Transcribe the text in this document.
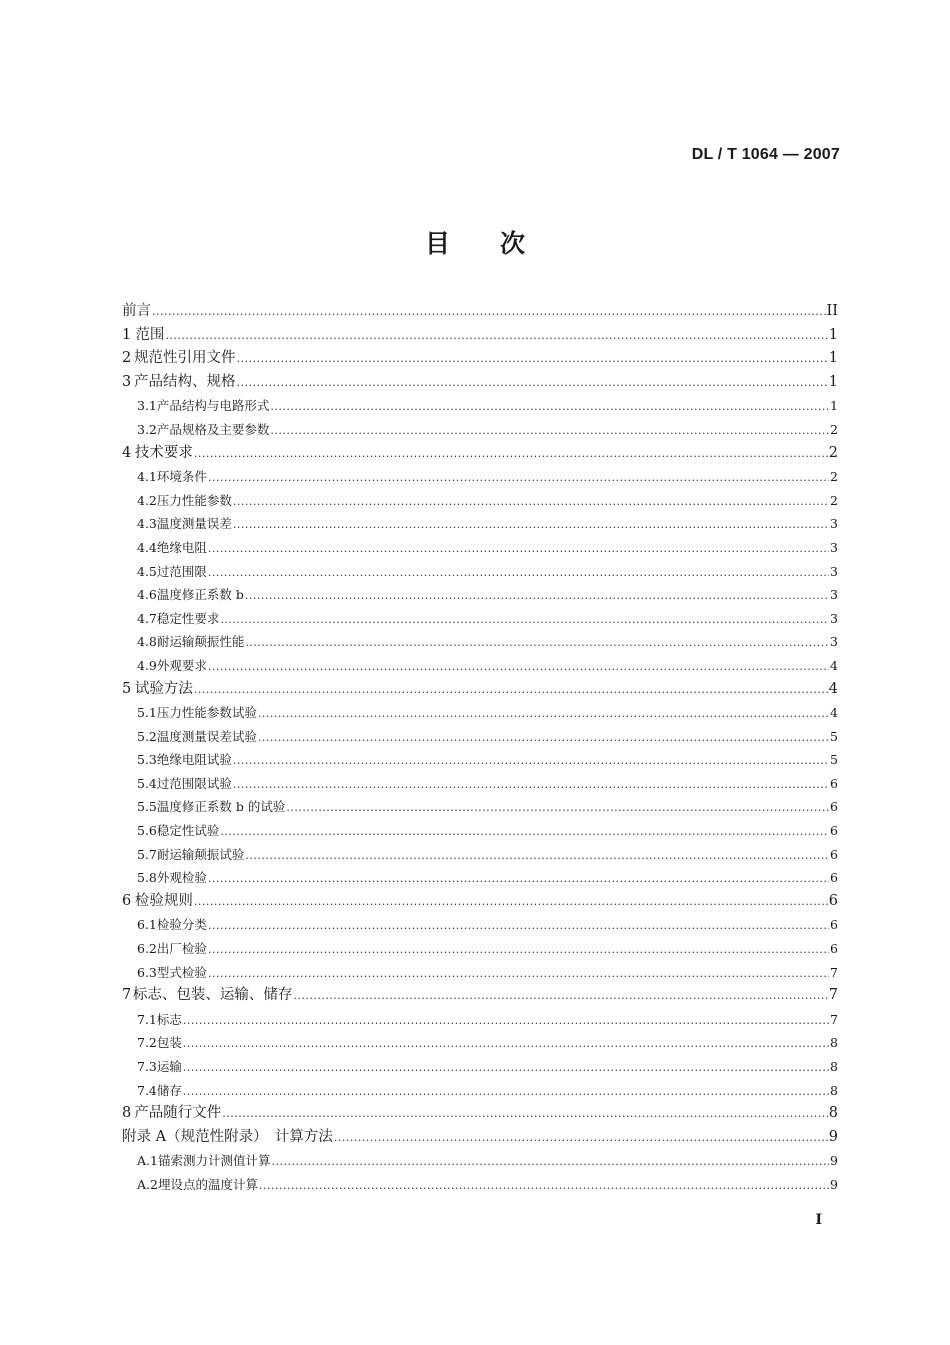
DL / T 1064 — 2007
目 次
前言 .....	II
1 范围 .....	1
2 规范性引用文件 .....	1
3 产品结构、规格 .....	1
3.1 产品结构与电路形式 .....	1
3.2 产品规格及主要参数 .....	2
4 技术要求 .....	2
4.1 环境条件 .....	2
4.2 压力性能参数 .....	2
4.3 温度测量误差 .....	3
4.4 绝缘电阻 .....	3
4.5 过范围限 .....	3
4.6 温度修正系数 b .....	3
4.7 稳定性要求 .....	3
4.8 耐运输颠振性能 .....	3
4.9 外观要求 .....	4
5 试验方法 .....	4
5.1 压力性能参数试验 .....	4
5.2 温度测量误差试验 .....	5
5.3 绝缘电阻试验 .....	5
5.4 过范围限试验 .....	6
5.5 温度修正系数 b 的试验 .....	6
5.6 稳定性试验 .....	6
5.7 耐运输颠振试验 .....	6
5.8 外观检验 .....	6
6 检验规则 .....	6
6.1 检验分类 .....	6
6.2 出厂检验 .....	6
6.3 型式检验 .....	7
7 标志、包装、运输、储存 .....	7
7.1 标志 .....	7
7.2 包装 .....	8
7.3 运输 .....	8
7.4 储存 .....	8
8 产品随行文件 .....	8
附录 A（规范性附录）　计算方法 .....	9
A.1 锚索测力计测值计算 .....	9
A.2 埋设点的温度计算 .....	9
I
